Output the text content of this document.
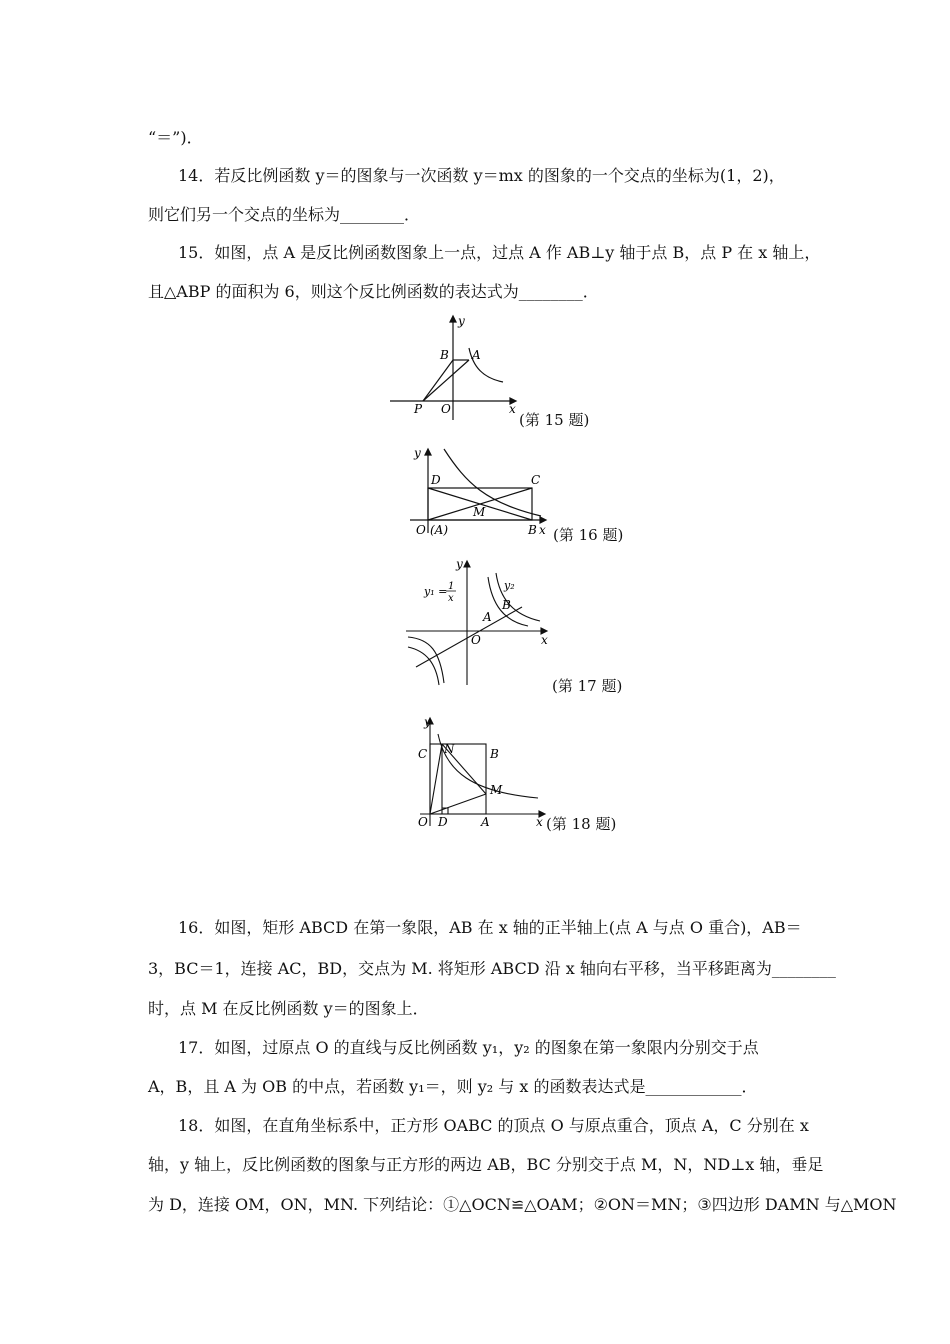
“＝”)．
14．若反比例函数 y＝的图象与一次函数 y＝mx 的图象的一个交点的坐标为(1，2)，
则它们另一个交点的坐标为________．
15．如图，点 A 是反比例函数图象上一点，过点 A 作 AB⊥y 轴于点 B，点 P 在 x 轴上，
且△ABP 的面积为 6，则这个反比例函数的表达式为________．
y
B A
P O	x
(第 15 题)
y
D	C
M
O (A)	B x (第 16 题)
y
y₁ = 1
x
y₂
A
B
O	x
(第 17 题)
y
C N	B
M
O D	A	x (第 18 题)
16．如图，矩形 ABCD 在第一象限，AB 在 x 轴的正半轴上(点 A 与点 O 重合)，AB＝
3，BC＝1，连接 AC，BD，交点为 M. 将矩形 ABCD 沿 x 轴向右平移，当平移距离为________
时，点 M 在反比例函数 y＝的图象上．
17．如图，过原点 O 的直线与反比例函数 y₁，y₂ 的图象在第一象限内分别交于点
A，B，且 A 为 OB 的中点，若函数 y₁＝，则 y₂ 与 x 的函数表达式是____________．
18．如图，在直角坐标系中，正方形 OABC 的顶点 O 与原点重合，顶点 A，C 分别在 x
轴，y 轴上，反比例函数的图象与正方形的两边 AB，BC 分别交于点 M，N，ND⊥x 轴，垂足
为 D，连接 OM，ON，MN. 下列结论：①△OCN≌△OAM；②ON＝MN；③四边形 DAMN 与△MON
